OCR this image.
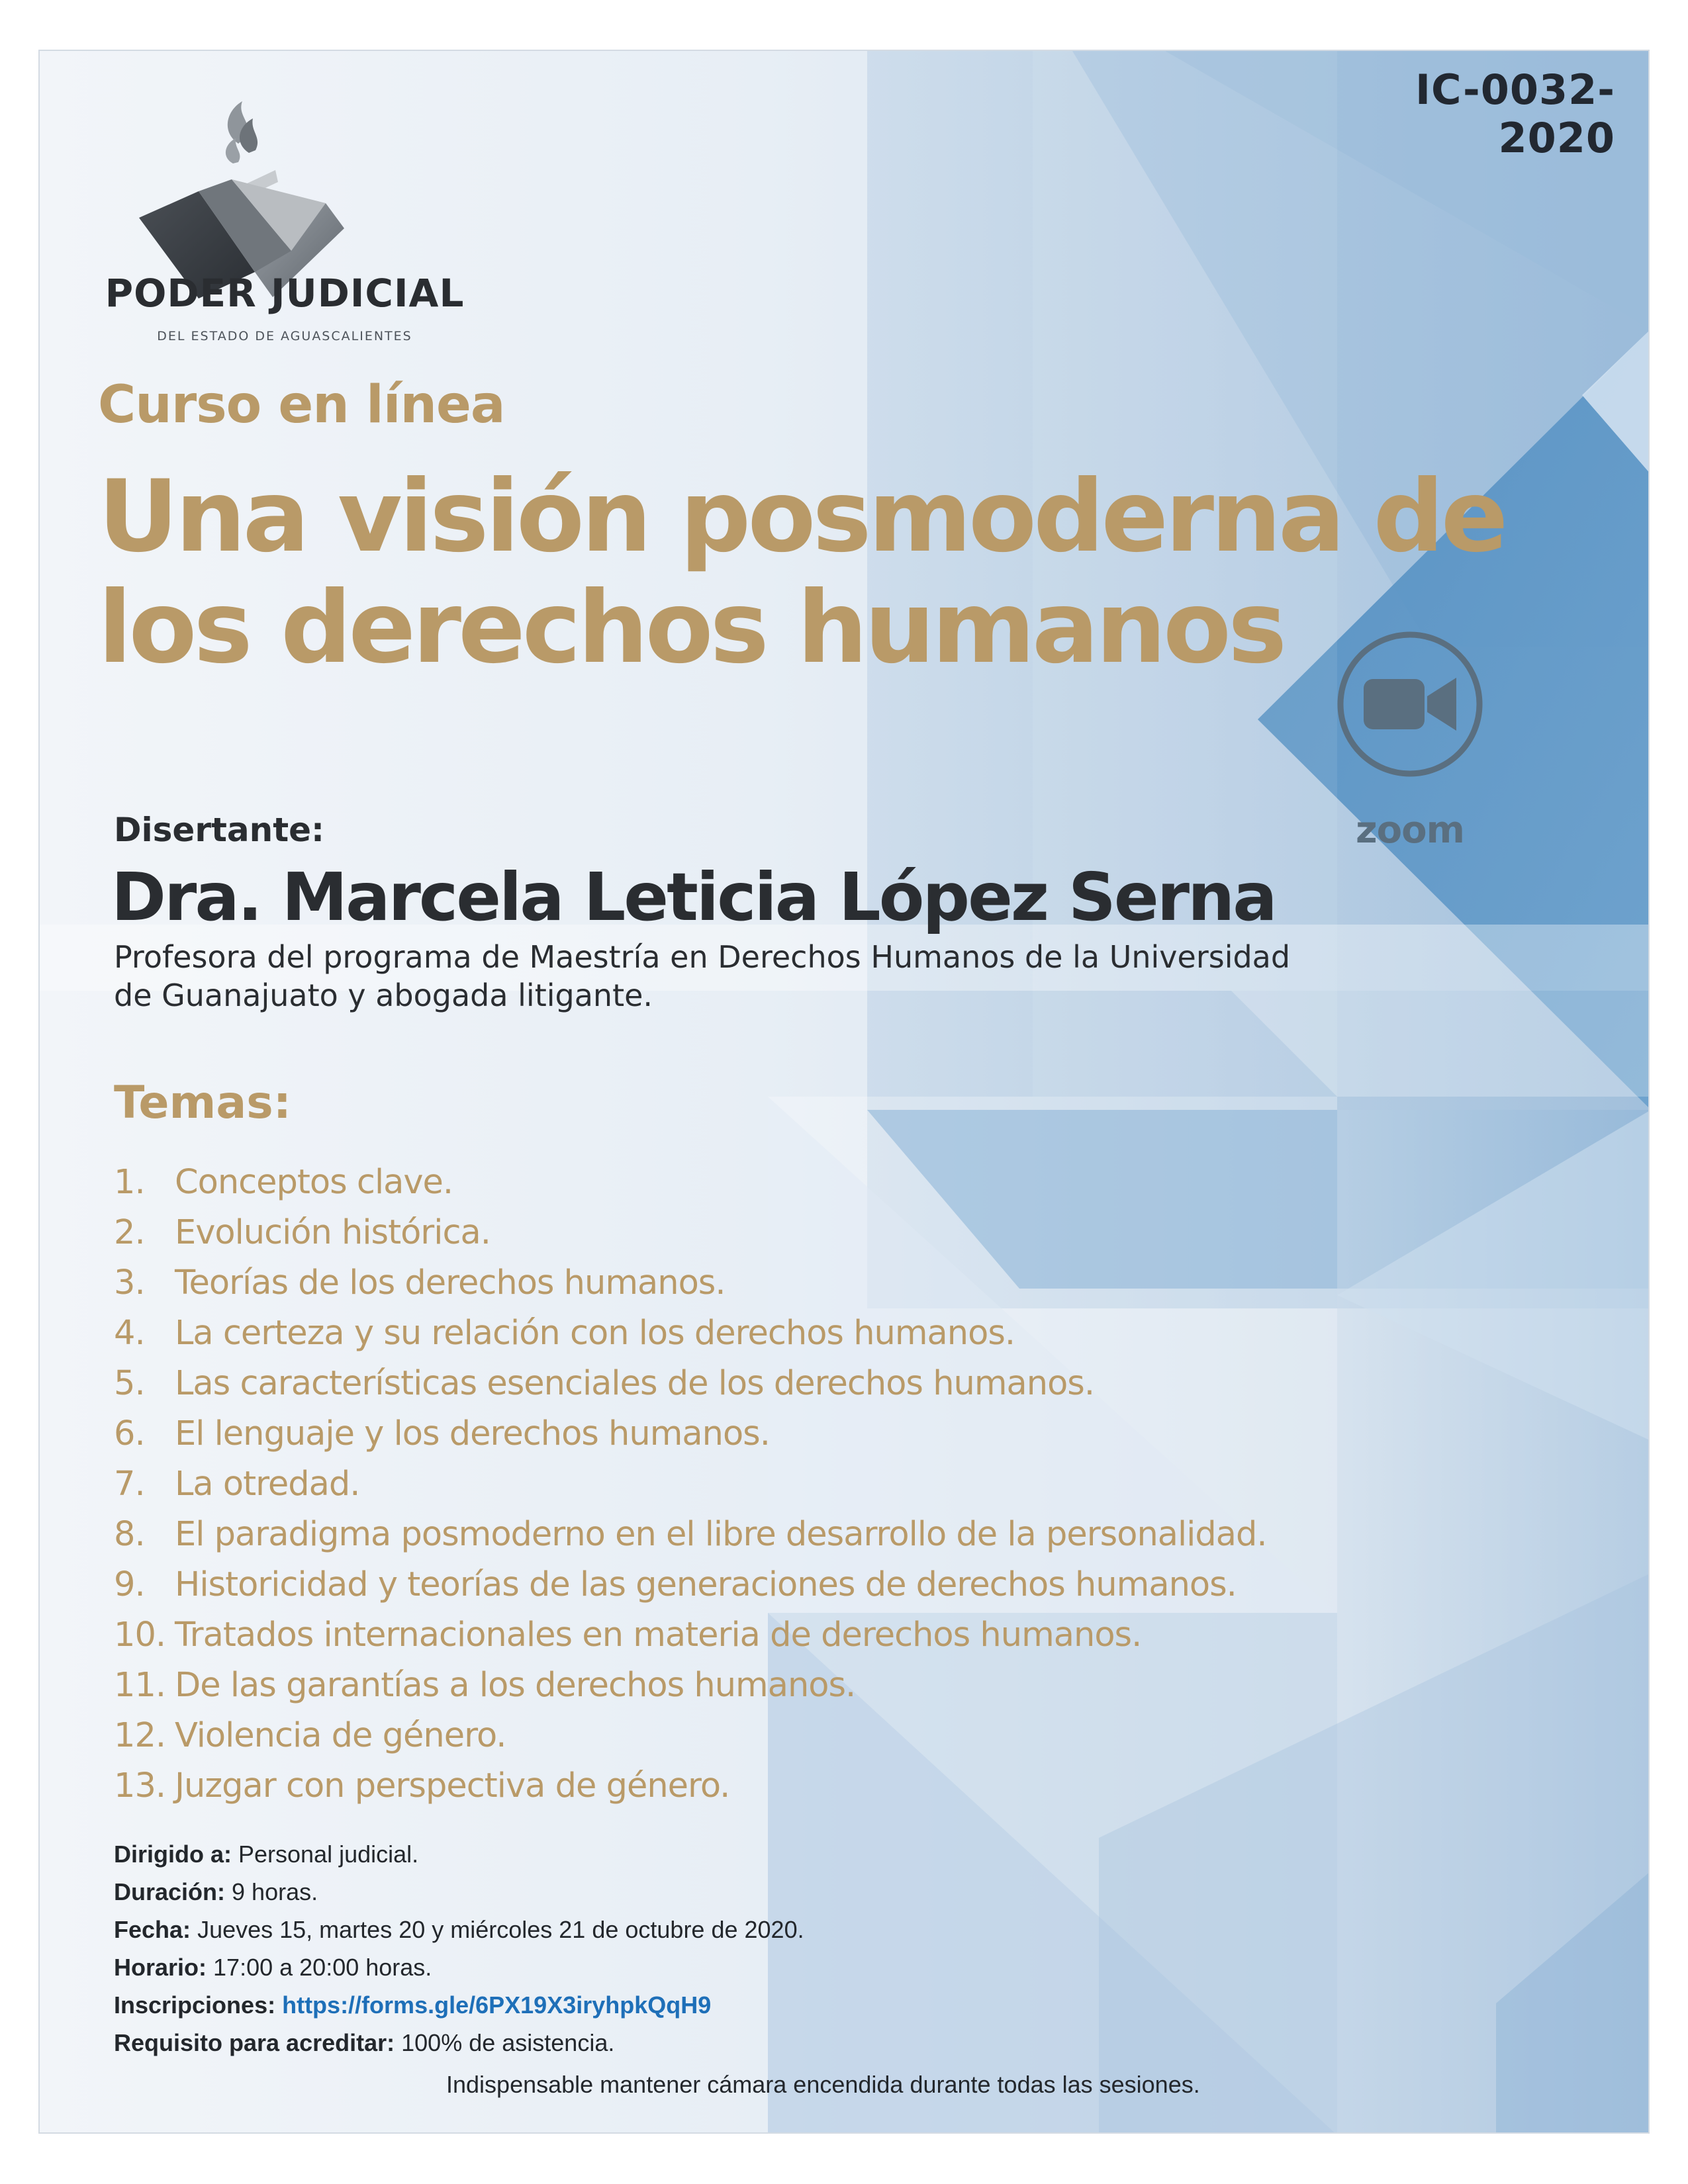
IC-0032-2020

PODER JUDICIAL

DEL ESTADO DE AGUASCALIENTES

Curso en línea

Una visión posmoderna de los derechos humanos
zoom

Disertante:

Dra. Marcela Leticia López Serna

Profesora del programa de Maestría en Derechos Humanos de la Universidad de Guanajuato y abogada litigante.

Temas:

1. Conceptos clave.
2. Evolución histórica.
3. Teorías de los derechos humanos.
4. La certeza y su relación con los derechos humanos.
5. Las características esenciales de los derechos humanos.
6. El lenguaje y los derechos humanos.
7. La otredad.
8. El paradigma posmoderno en el libre desarrollo de la personalidad.
9. Historicidad y teorías de las generaciones de derechos humanos.
10. Tratados internacionales en materia de derechos humanos.
11. De las garantías a los derechos humanos.
12. Violencia de género.
13. Juzgar con perspectiva de género.
Dirigido a: Personal judicial.
Duración: 9 horas.
Fecha: Jueves 15, martes 20 y miércoles 21 de octubre de 2020.
Horario: 17:00 a 20:00 horas.
Inscripciones: https://forms.gle/6PX19X3iryhpkQqH9
Requisito para acreditar: 100% de asistencia.

Indispensable mantener cámara encendida durante todas las sesiones.
